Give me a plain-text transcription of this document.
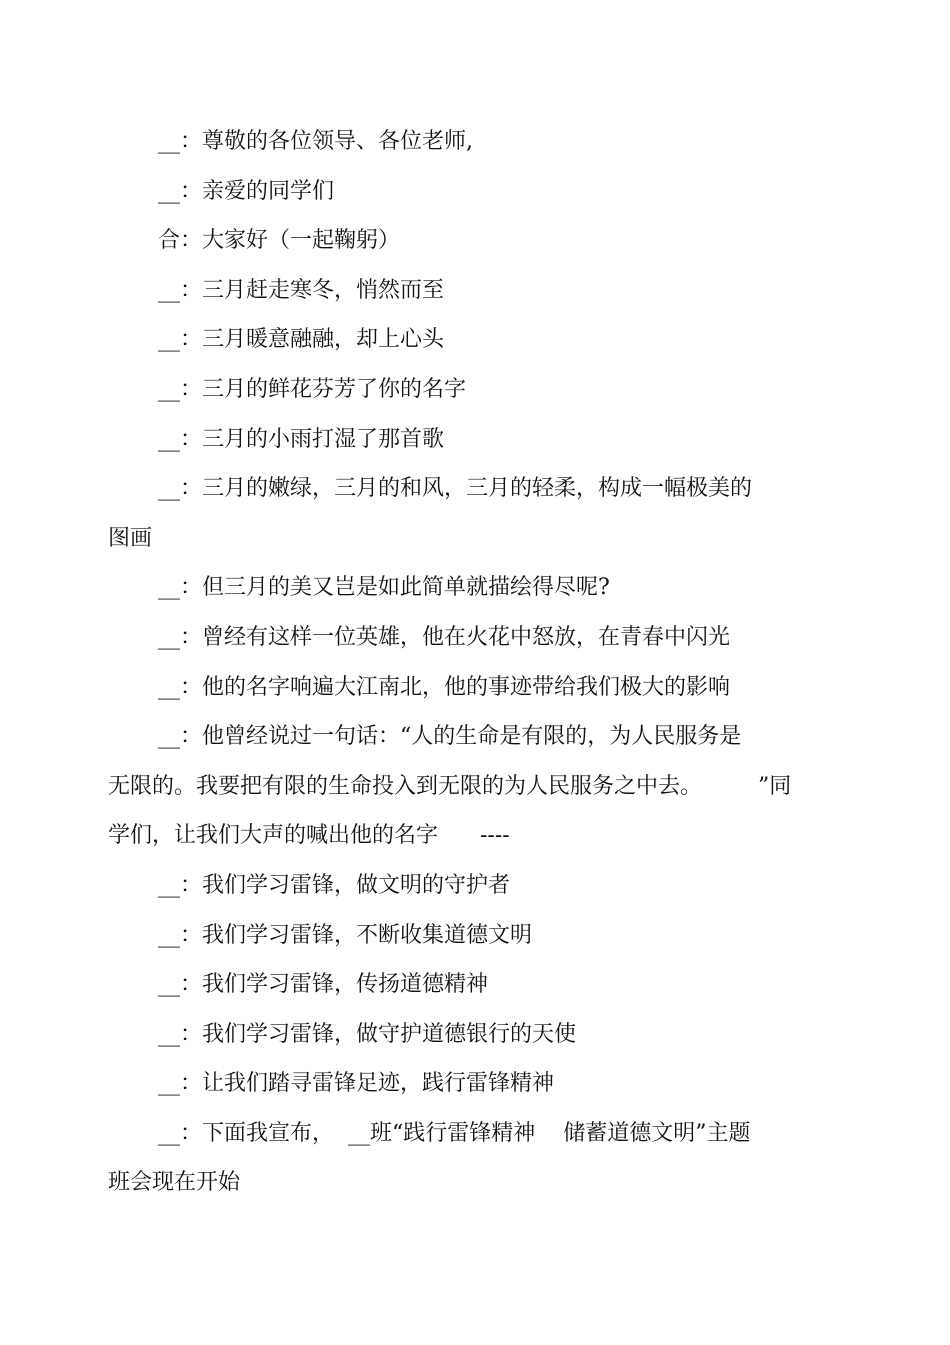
__：尊敬的各位领导、各位老师,
__：亲爱的同学们
合：大家好（一起鞠躬）
__：三月赶走寒冬，悄然而至
__：三月暖意融融，却上心头
__：三月的鲜花芬芳了你的名字
__：三月的小雨打湿了那首歌
__：三月的嫩绿，三月的和风，三月的轻柔，构成一幅极美的
图画
__：但三月的美又岂是如此简单就描绘得尽呢?
__：曾经有这样一位英雄，他在火花中怒放，在青春中闪光
__：他的名字响遍大江南北，他的事迹带给我们极大的影响
__：他曾经说过一句话：“人的生命是有限的，为人民服务是
无限的。我要把有限的生命投入到无限的为人民服务之中去。        ”同
学们，让我们大声的喊出他的名字      ----
__：我们学习雷锋，做文明的守护者
__：我们学习雷锋，不断收集道德文明
__：我们学习雷锋，传扬道德精神
__：我们学习雷锋，做守护道德银行的天使
__：让我们踏寻雷锋足迹，践行雷锋精神
__：下面我宣布，  __班“践行雷锋精神    储蓄道德文明”主题
班会现在开始
